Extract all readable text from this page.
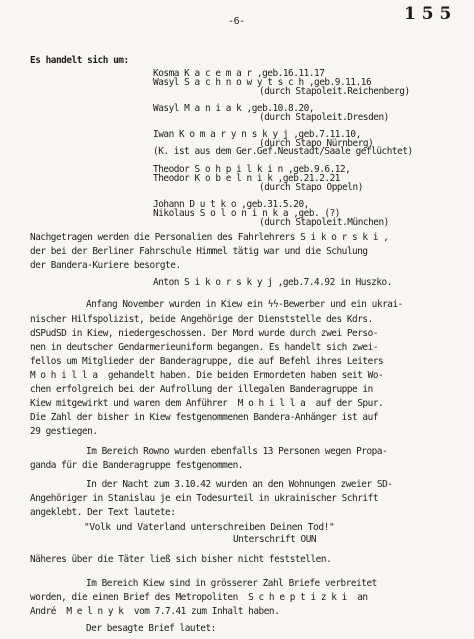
-6-	1 5 5
Es handelt sich um:
Kosma K a c e m a r ,geb.16.11.17
Wasyl S a c h n o w y t s c h ,geb.9.11.16
(durch Stapoleit.Reichenberg)
Wasyl M a n i a k ,geb.10.8.20,
(durch Stapoleit.Dresden)
Iwan K o m a r y n s k y j ,geb.7.11.10,
(durch Stapo Nürnberg)
(K. ist aus dem Ger.Gef.Neustadt/Saale geflüchtet)
Theodor S o h p i l k i n ,geb.9.6.12,
Theodor K o b e l n i k ,geb.21.2.21
(durch Stapo Oppeln)
Johann D u t k o ,geb.31.5.20,
Nikolaus S o l o n i n k a ,geb. (?)
(durch Stapoleit.München)
Nachgetragen werden die Personalien des Fahrlehrers S i k o r s k i ,
der bei der Berliner Fahrschule Himmel tätig war und die Schulung
der Bandera-Kuriere besorgte.
Anton S i k o r s k y j ,geb.7.4.92 in Huszko.
Anfang November wurden in Kiew ein ϟϟ-Bewerber und ein ukrai-
nischer Hilfspolizist, beide Angehörige der Dienststelle des Kdrs.
dSPudSD in Kiew, niedergeschossen. Der Mord wurde durch zwei Perso-
nen in deutscher Gendarmerieuniform begangen. Es handelt sich zwei-
fellos um Mitglieder der Banderagruppe, die auf Befehl ihres Leiters
M o h i l l a  gehandelt haben. Die beiden Ermordeten haben seit Wo-
chen erfolgreich bei der Aufrollung der illegalen Banderagruppe in
Kiew mitgewirkt und waren dem Anführer  M o h i l l a  auf der Spur.
Die Zahl der bisher in Kiew festgenommenen Bandera-Anhänger ist auf
29 gestiegen.
Im Bereich Rowno wurden ebenfalls 13 Personen wegen Propa-
ganda für die Banderagruppe festgenommen.
In der Nacht zum 3.10.42 wurden an den Wohnungen zweier SD-
Angehöriger in Stanislau je ein Todesurteil in ukrainischer Schrift
angeklebt. Der Text lautete:
"Volk und Vaterland unterschreiben Deinen Tod!"
Unterschrift OUN
Näheres über die Täter ließ sich bisher nicht feststellen.
Im Bereich Kiew sind in grösserer Zahl Briefe verbreitet
worden, die einen Brief des Metropoliten  S c h e p t i z k i  an
André  M e l n y k  vom 7.7.41 zum Inhalt haben.
Der besagte Brief lautet:
